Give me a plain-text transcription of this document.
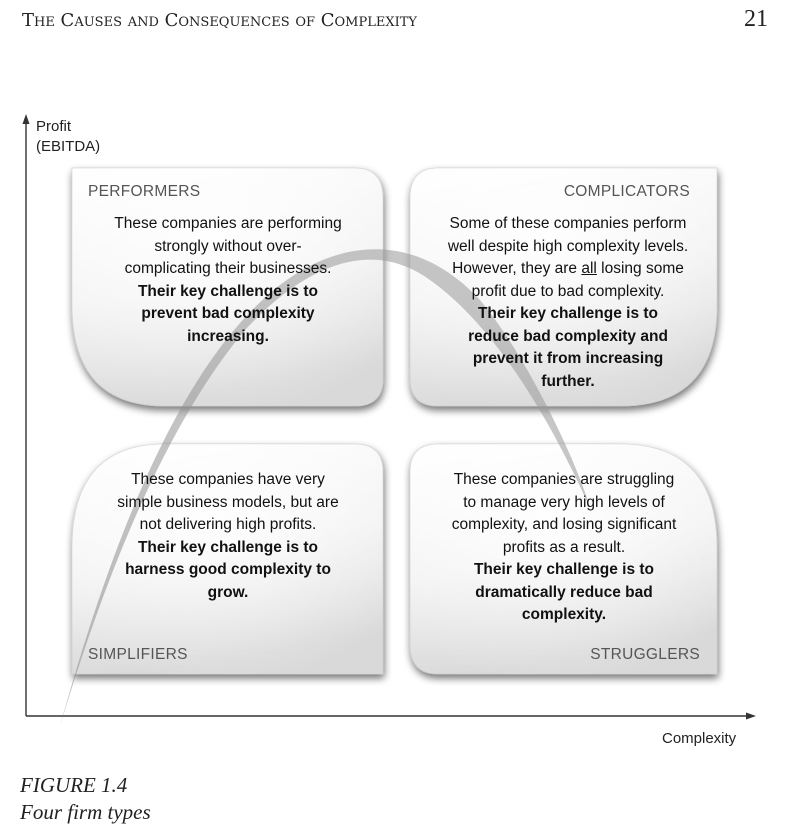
The Causes and Consequences of Complexity	21
Profit
(EBITDA)
Complexity
PERFORMERS	COMPLICATORS
SIMPLIFIERS	STRUGGLERS
These companies are performing strongly without over-complicating their businesses.
Their key challenge is to prevent bad complexity increasing.
Some of these companies perform well despite high complexity levels. However, they are all losing some profit due to bad complexity.
Their key challenge is to reduce bad complexity and prevent it from increasing further.
These companies have very simple business models, but are not delivering high profits.
Their key challenge is to harness good complexity to grow.
These companies are struggling to manage very high levels of complexity, and losing significant profits as a result.
Their key challenge is to dramatically reduce bad complexity.
FIGURE 1.4
Four firm types
